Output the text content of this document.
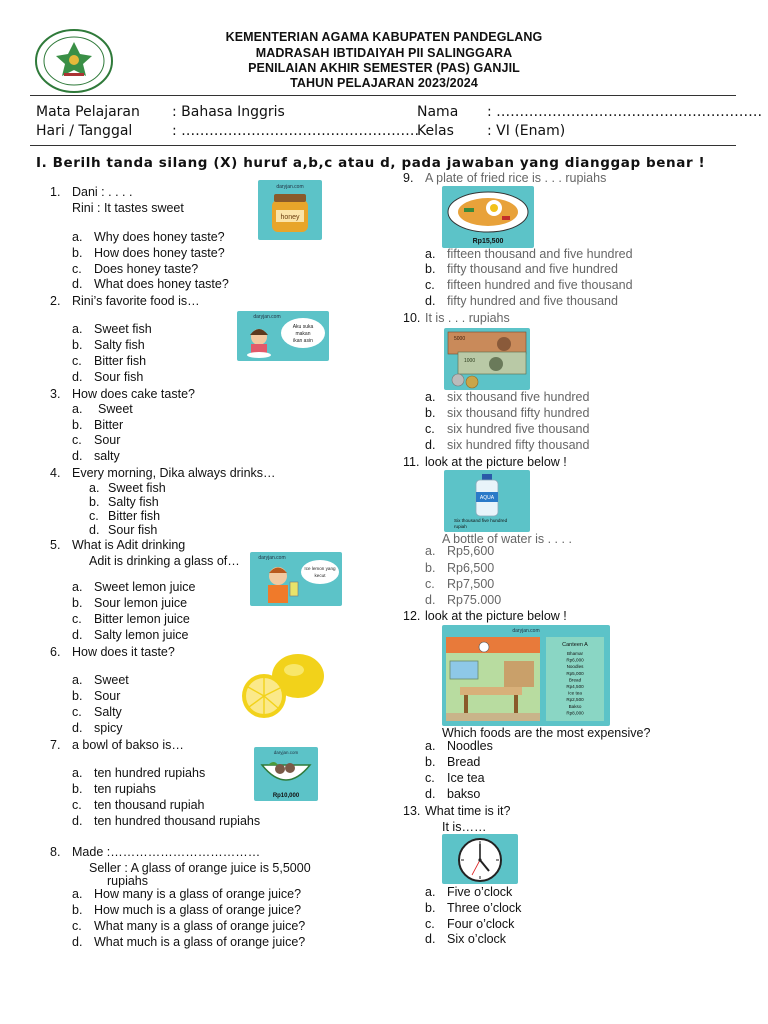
KEMENTERIAN AGAMA KABUPATEN PANDEGLANG
MADRASAH IBTIDAIYAH PII SALINGGARA
PENILAIAN AKHIR SEMESTER (PAS) GANJIL
TAHUN PELAJARAN 2023/2024
Mata Pelajaran : Bahasa Inggris
Hari / Tanggal	: ……………………………………………
Nama : …………………………………………………
Kelas : VI (Enam)
I. Berilh tanda silang (X) huruf a,b,c atau d, pada jawaban yang dianggap benar !
1. Dani : . . . .
Rini : It tastes sweet
daryjan.com
honey
a. Why does honey taste?
b. How does honey taste?
c. Does honey taste?
d. What does honey taste?
2. Rini’s favorite food is…
daryjan.com
Aku suka
makan
ikan asin
a. Sweet fish
b. Salty fish
c. Bitter fish
d. Sour fish
3. How does cake taste?
a. Sweet
b. Bitter
c. Sour
d. salty
4. Every morning, Dika always drinks…
a. Sweet fish
b. Salty fish
c. Bitter fish
d. Sour fish
5. What is Adit drinking
Adit is drinking a glass of…	daryjan.com
Ice lemon yang
kecut
a. Sweet lemon juice
b. Sour lemon juice
c. Bitter lemon juice
d. Salty lemon juice
6. How does it taste?
a. Sweet
b. Sour
c. Salty
d. spicy
7. a bowl of bakso is…
daryjan.com
Rp10,000
a. ten hundred rupiahs
b. ten rupiahs
c. ten thousand rupiah
d. ten hundred thousand rupiahs
8. Made :………………………………
Seller : A glass of orange juice is 5,5000
rupiahs
a. How many is a glass of orange juice?
b. How much is a glass of orange juice?
c. What many is a glass of orange juice?
d. What much is a glass of orange juice?
9. A plate of fried rice is . . . rupiahs
Rp15,500
a. fifteen thousand and five hundred
b. fifty thousand and five hundred
c. fifteen hundred and five thousand
d. fifty hundred and five thousand
10. It is . . . rupiahs
5000
1000
a. six thousand five hundred
b. six thousand fifty hundred
c. six hundred five thousand
d. six hundred fifty thousand
11. look at the picture below !
AQUA
Six thousand five hundred
rupiah
A bottle of water is . . . .
a. Rp5,600
b. Rp6,500
c. Rp7,500
d. Rp75.000
12. look at the picture below !
daryjan.com
Canteen A
Bhamar
Rp6,000
Noodles
Rp5,000
Bread
Rp4,500
Ice tea
Rp2,500
Bakso
Rp8,000
Which foods are the most expensive?
a. Noodles
b. Bread
c. Ice tea
d. bakso
13. What time is it?
It is……
a. Five o’clock
b. Three o’clock
c. Four o’clock
d. Six o’clock
